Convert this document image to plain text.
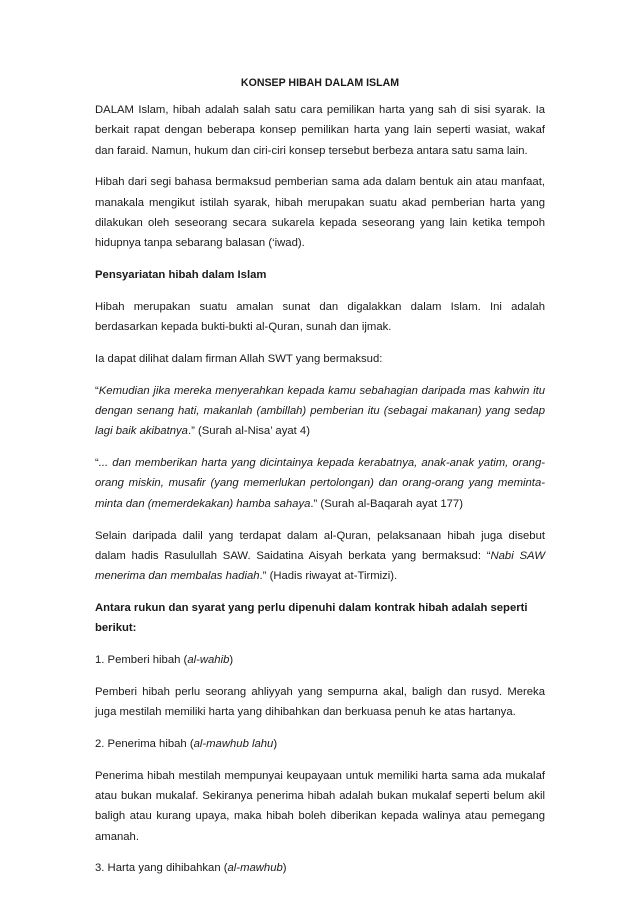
KONSEP HIBAH DALAM ISLAM

DALAM Islam, hibah adalah salah satu cara pemilikan harta yang sah di sisi syarak. Ia berkait rapat dengan beberapa konsep pemilikan harta yang lain seperti wasiat, wakaf dan faraid. Namun, hukum dan ciri-ciri konsep tersebut berbeza antara satu sama lain.

Hibah dari segi bahasa bermaksud pemberian sama ada dalam bentuk ain atau manfaat, manakala mengikut istilah syarak, hibah merupakan suatu akad pemberian harta yang dilakukan oleh seseorang secara sukarela kepada seseorang yang lain ketika tempoh hidupnya tanpa sebarang balasan (‘iwad).

Pensyariatan hibah dalam Islam

Hibah merupakan suatu amalan sunat dan digalakkan dalam Islam. Ini adalah berdasarkan kepada bukti-bukti al-Quran, sunah dan ijmak.

Ia dapat dilihat dalam firman Allah SWT yang bermaksud:

“Kemudian jika mereka menyerahkan kepada kamu sebahagian daripada mas kahwin itu dengan senang hati, makanlah (ambillah) pemberian itu (sebagai makanan) yang sedap lagi baik akibatnya.” (Surah al-Nisa’ ayat 4)

“... dan memberikan harta yang dicintainya kepada kerabatnya, anak-anak yatim, orang-orang miskin, musafir (yang memerlukan pertolongan) dan orang-orang yang meminta-minta dan (memerdekakan) hamba sahaya.” (Surah al-Baqarah ayat 177)

Selain daripada dalil yang terdapat dalam al-Quran, pelaksanaan hibah juga disebut dalam hadis Rasulullah SAW. Saidatina Aisyah berkata yang bermaksud: “Nabi SAW menerima dan membalas hadiah.” (Hadis riwayat at-Tirmizi).

Antara rukun dan syarat yang perlu dipenuhi dalam kontrak hibah adalah seperti berikut:

1. Pemberi hibah (al-wahib)

Pemberi hibah perlu seorang ahliyyah yang sempurna akal, baligh dan rusyd. Mereka juga mestilah memiliki harta yang dihibahkan dan berkuasa penuh ke atas hartanya.

2. Penerima hibah (al-mawhub lahu)

Penerima hibah mestilah mempunyai keupayaan untuk memiliki harta sama ada mukalaf atau bukan mukalaf. Sekiranya penerima hibah adalah bukan mukalaf seperti belum akil baligh atau kurang upaya, maka hibah boleh diberikan kepada walinya atau pemegang amanah.

3. Harta yang dihibahkan (al-mawhub)
